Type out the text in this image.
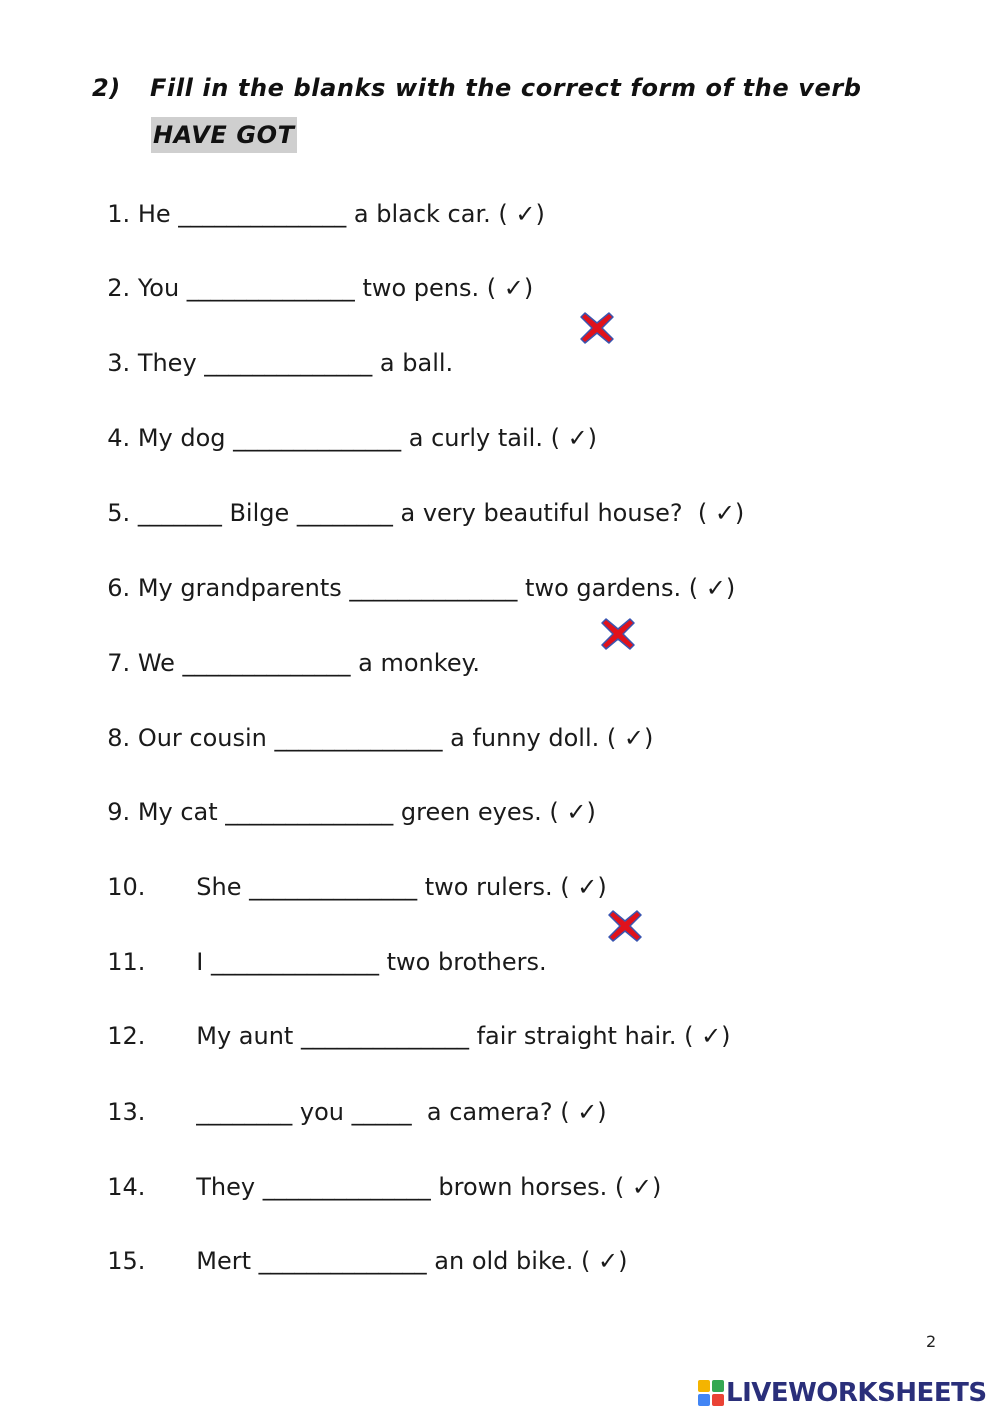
2) Fill in the blanks with the correct form of the verb
HAVE GOT

1. He ______________ a black car. ( ✓)

2. You ______________ two pens. ( ✓)

3. They ______________ a ball.

4. My dog ______________ a curly tail. ( ✓)

5. _______ Bilge ________ a very beautiful house?  ( ✓)

6. My grandparents ______________ two gardens. ( ✓)

7. We ______________ a monkey.

8. Our cousin ______________ a funny doll. ( ✓)

9. My cat ______________ green eyes. ( ✓)

10. She ______________ two rulers. ( ✓)

11. I ______________ two brothers.

12. My aunt ______________ fair straight hair. ( ✓)

13. ________ you _____  a camera? ( ✓)

14. They ______________ brown horses. ( ✓)

15. Mert ______________ an old bike. ( ✓)

2
LIVEWORKSHEETS
